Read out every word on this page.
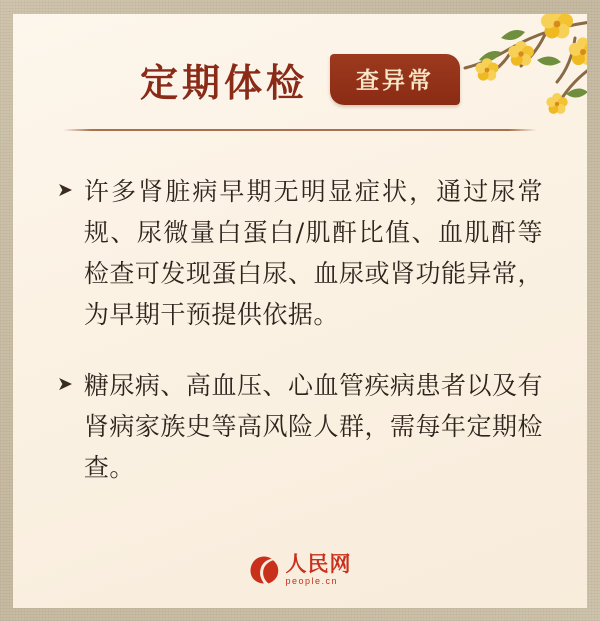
定期体检	查异常
➤ 许多肾脏病早期无明显症状，通过尿常规、尿微量白蛋白/肌酐比值、血肌酐等检查可发现蛋白尿、血尿或肾功能异常，为早期干预提供依据。
➤ 糖尿病、高血压、心血管疾病患者以及有肾病家族史等高风险人群，需每年定期检查。
人民网
people.cn
